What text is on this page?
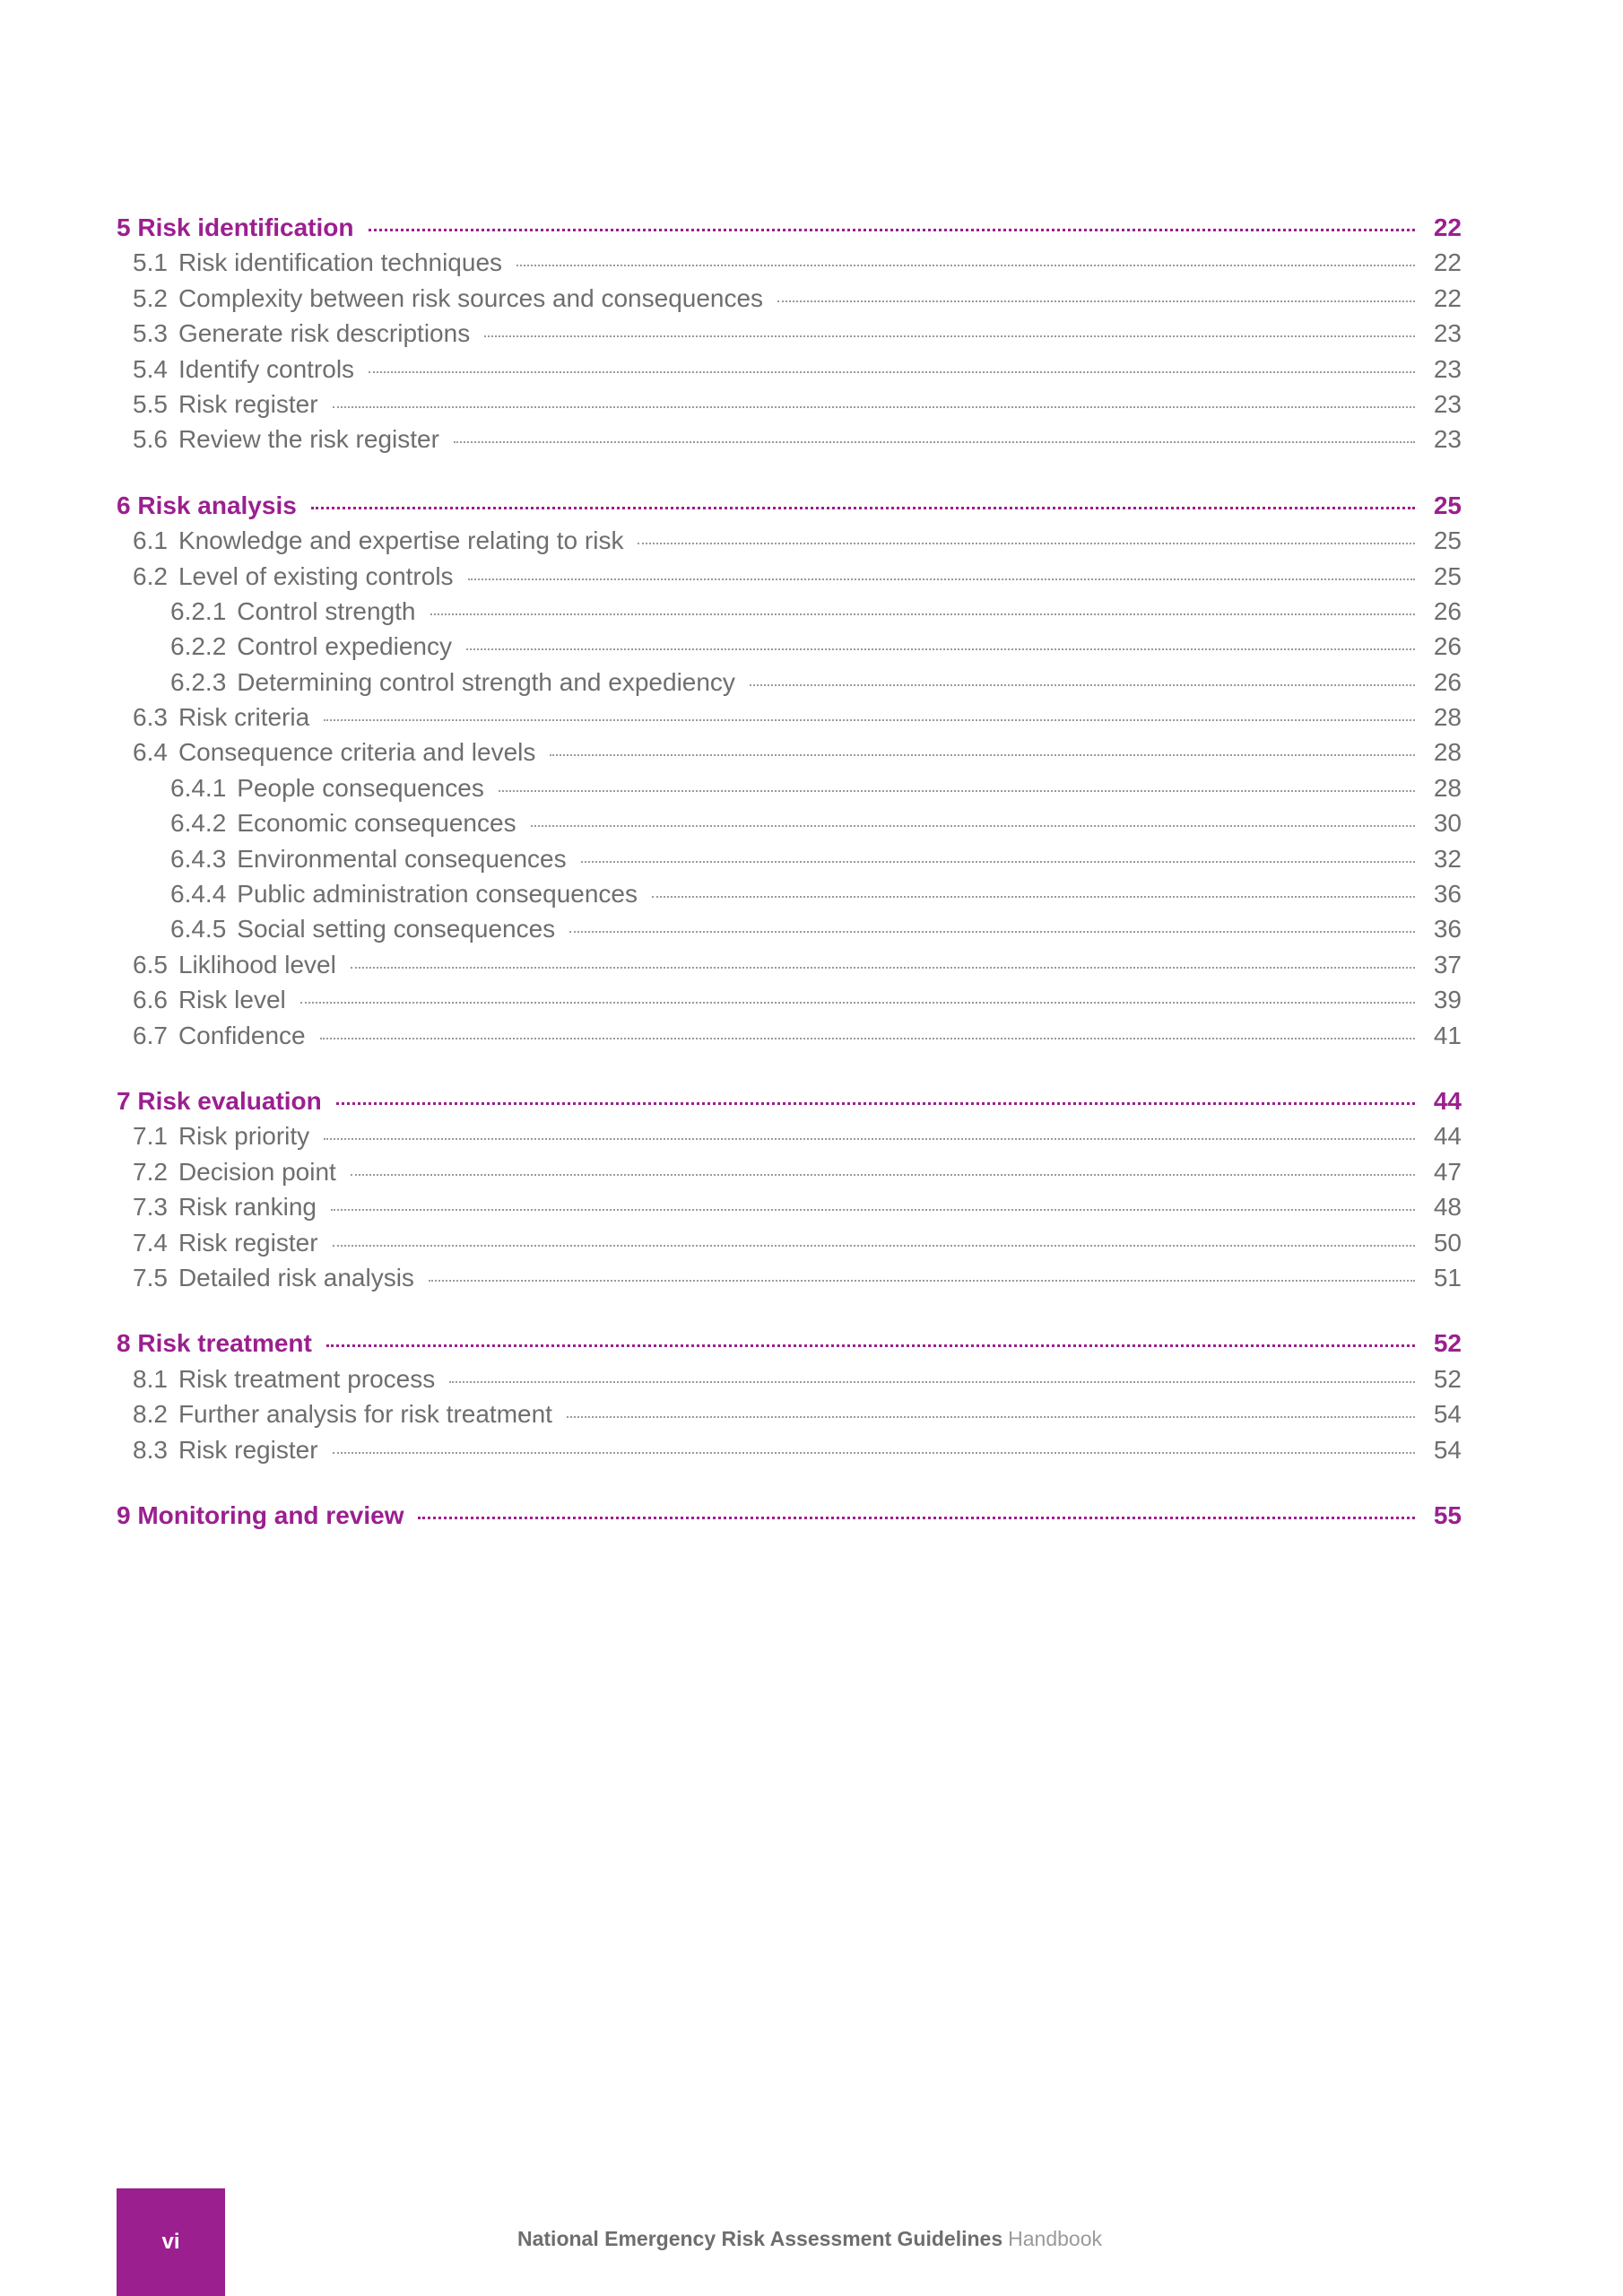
5 Risk identification	22
5.1 Risk identification techniques	22
5.2 Complexity between risk sources and consequences	22
5.3 Generate risk descriptions	23
5.4 Identify controls	23
5.5 Risk register	23
5.6 Review the risk register	23
6 Risk analysis	25
6.1 Knowledge and expertise relating to risk	25
6.2 Level of existing controls	25
6.2.1 Control strength	26
6.2.2 Control expediency	26
6.2.3 Determining control strength and expediency	26
6.3 Risk criteria	28
6.4 Consequence criteria and levels	28
6.4.1 People consequences	28
6.4.2 Economic consequences	30
6.4.3 Environmental consequences	32
6.4.4 Public administration consequences	36
6.4.5 Social setting consequences	36
6.5 Liklihood level	37
6.6 Risk level	39
6.7 Confidence	41
7 Risk evaluation	44
7.1 Risk priority	44
7.2 Decision point	47
7.3 Risk ranking	48
7.4 Risk register	50
7.5 Detailed risk analysis	51
8 Risk treatment	52
8.1 Risk treatment process	52
8.2 Further analysis for risk treatment	54
8.3 Risk register	54
9 Monitoring and review	55
vi	National Emergency Risk Assessment Guidelines Handbook
